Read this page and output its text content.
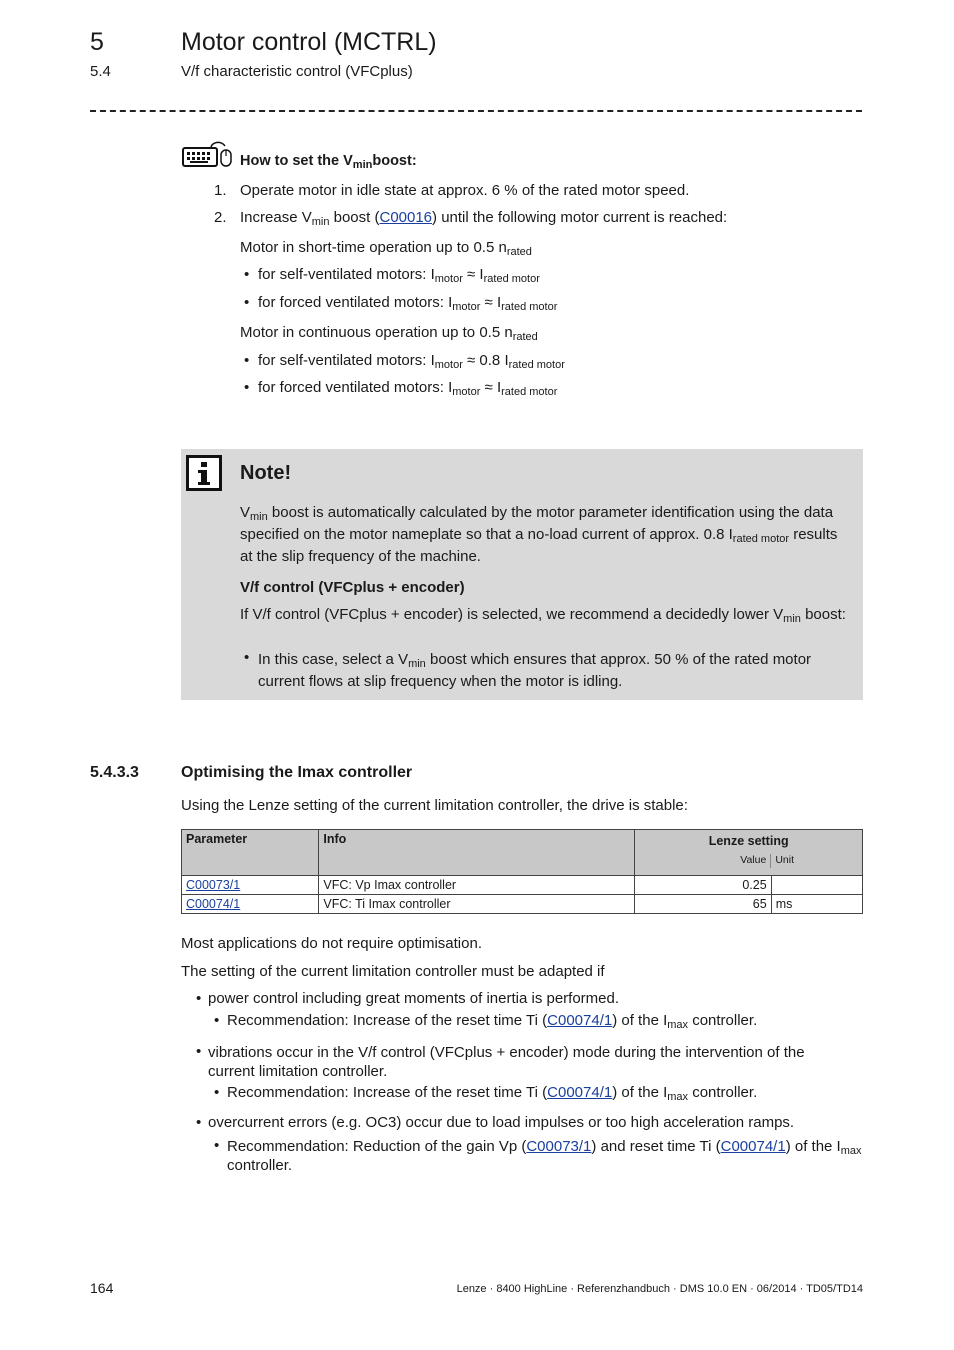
5	Motor control (MCTRL)
5.4	V/f characteristic control (VFCplus)
How to set the $V_{min}boost$:
1. Operate motor in idle state at approx. 6 % of the rated motor speed.
2. Increase $V_{min}$ boost (C00016) until the following motor current is reached:
Motor in short-time operation up to 0.5 $n_{rated}$
• for self-ventilated motors: $I_{motor} \approx I_{rated motor}$
• for forced ventilated motors: $I_{motor} \approx I_{rated motor}$
Motor in continuous operation up to 0.5 $n_{rated}$
• for self-ventilated motors: $I_{motor} \approx 0.8$ $I_{rated motor}$
• for forced ventilated motors: $I_{motor} \approx I_{rated motor}$
Note!
$V_{min}$ boost is automatically calculated by the motor parameter identification using the data specified on the motor nameplate so that a no-load current of approx. 0.8 $I_{rated motor}$ results at the slip frequency of the machine.
V/f control (VFCplus + encoder)
If V/f control (VFCplus + encoder) is selected, we recommend a decidedly lower $V_{min}$ boost:
• In this case, select a $V_{min}$ boost which ensures that approx. 50 % of the rated motor current flows at slip frequency when the motor is idling.
5.4.3.3	Optimising the Imax controller
Using the Lenze setting of the current limitation controller, the drive is stable:
Parameter	Info	Lenze setting
Value Unit	

C00073/1	VFC: Vp Imax controller	0.25	
C00074/1	VFC: Ti Imax controller	65	ms
Most applications do not require optimisation.
The setting of the current limitation controller must be adapted if
• power control including great moments of inertia is performed.
• Recommendation: Increase of the reset time Ti (C00074/1) of the $I_{max}$ controller.
• vibrations occur in the V/f control (VFCplus + encoder) mode during the intervention of the current limitation controller.
• Recommendation: Increase of the reset time Ti (C00074/1) of the $I_{max}$ controller.
• overcurrent errors (e.g. OC3) occur due to load impulses or too high acceleration ramps.
• Recommendation: Reduction of the gain Vp (C00073/1) and reset time Ti (C00074/1) of the $I_{max}$ controller.
164	Lenze · 8400 HighLine · Referenzhandbuch · DMS 10.0 EN · 06/2014 · TD05/TD14
